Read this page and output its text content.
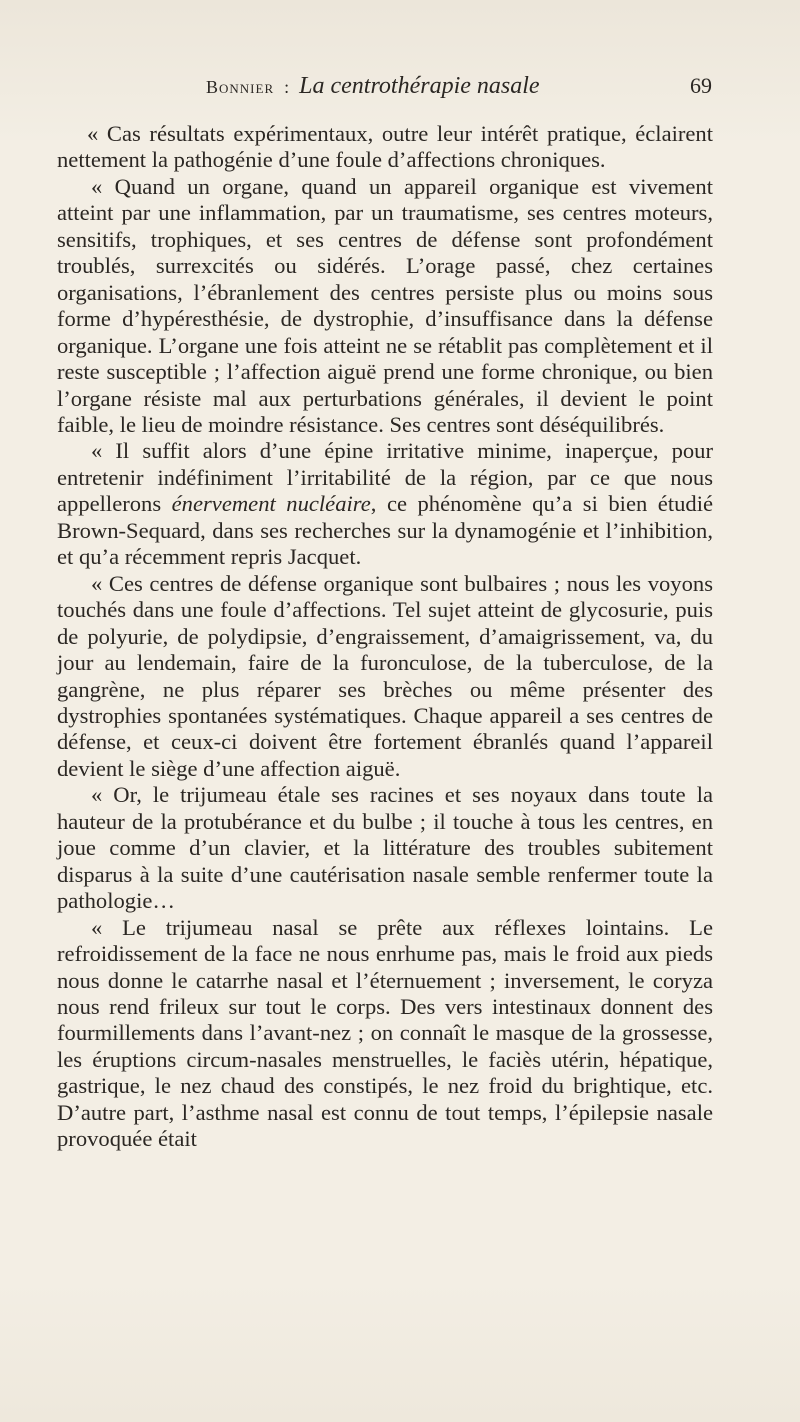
Bonnier : La centrothérapie nasale	69

« Cas résultats expérimentaux, outre leur intérêt pratique, éclairent nettement la pathogénie d’une foule d’affections chroniques.

« Quand un organe, quand un appareil organique est vivement atteint par une inflammation, par un traumatisme, ses centres moteurs, sensitifs, trophiques, et ses centres de défense sont profondément troublés, surrexcités ou sidérés. L’orage passé, chez certaines organisations, l’ébranlement des centres persiste plus ou moins sous forme d’hypéresthésie, de dystrophie, d’insuffisance dans la défense organique. L’organe une fois atteint ne se rétablit pas complètement et il reste susceptible ; l’affection aiguë prend une forme chronique, ou bien l’organe résiste mal aux perturbations générales, il devient le point faible, le lieu de moindre résistance. Ses centres sont déséquilibrés.

« Il suffit alors d’une épine irritative minime, inaperçue, pour entretenir indéfiniment l’irritabilité de la région, par ce que nous appellerons énervement nucléaire, ce phénomène qu’a si bien étudié Brown-Sequard, dans ses recherches sur la dynamogénie et l’inhibition, et qu’a récemment repris Jacquet.

« Ces centres de défense organique sont bulbaires ; nous les voyons touchés dans une foule d’affections. Tel sujet atteint de glycosurie, puis de polyurie, de polydipsie, d’engraissement, d’amaigrissement, va, du jour au lendemain, faire de la furonculose, de la tuberculose, de la gangrène, ne plus réparer ses brèches ou même présenter des dystrophies spontanées systématiques. Chaque appareil a ses centres de défense, et ceux-ci doivent être fortement ébranlés quand l’appareil devient le siège d’une affection aiguë.

« Or, le trijumeau étale ses racines et ses noyaux dans toute la hauteur de la protubérance et du bulbe ; il touche à tous les centres, en joue comme d’un clavier, et la littérature des troubles subitement disparus à la suite d’une cautérisation nasale semble renfermer toute la pathologie…

« Le trijumeau nasal se prête aux réflexes lointains. Le refroidissement de la face ne nous enrhume pas, mais le froid aux pieds nous donne le catarrhe nasal et l’éternuement ; inversement, le coryza nous rend frileux sur tout le corps. Des vers intestinaux donnent des fourmillements dans l’avant-nez ; on connaît le masque de la grossesse, les éruptions circum-nasales menstruelles, le faciès utérin, hépatique, gastrique, le nez chaud des constipés, le nez froid du brightique, etc. D’autre part, l’asthme nasal est connu de tout temps, l’épilepsie nasale provoquée était
